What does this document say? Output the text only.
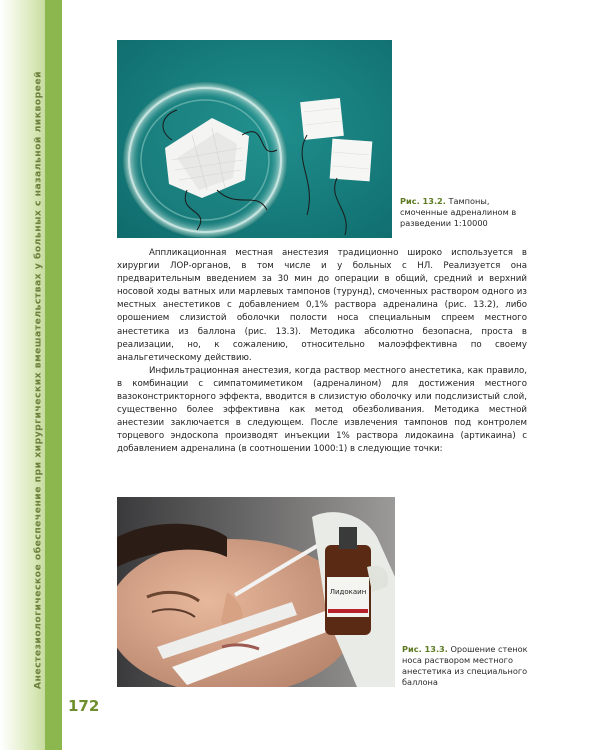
Анестезиологическое обеспечение при хирургических вмешательствах у больных с назальной ликвореей	Рис. 13.2. Тампоны, смоченные адреналином в разведении 1:10000

Аппликационная местная анестезия традиционно широко используется в хирургии ЛОР-органов, в том числе и у больных с НЛ. Реализуется она предварительным введением за 30 мин до операции в общий, средний и верхний носовой ходы ватных или марлевых тампонов (турунд), смоченных раствором одного из местных анестетиков с добавлением 0,1% раствора адреналина (рис. 13.2), либо орошением слизистой оболочки полости носа специальным спреем местного анестетика из баллона (рис. 13.3). Методика абсолютно безопасна, проста в реализации, но, к сожалению, относительно малоэффективна по своему анальгетическому действию.

Инфильтрационная анестезия, когда раствор местного анестетика, как правило, в комбинации с симпатомиметиком (адреналином) для достижения местного вазоконстрикторного эффекта, вводится в слизистую оболочку или подслизистый слой, существенно более эффективна как метод обезболивания. Методика местной анестезии заключается в следующем. После извлечения тампонов под контролем торцевого эндоскопа производят инъекции 1% раствора лидокаина (артикаина) с добавлением адреналина (в соотношении 1000:1) в следующие точки:

Лидокаин
Рис. 13.3. Орошение стенок носа раствором местного анестетика из специального баллона
172
